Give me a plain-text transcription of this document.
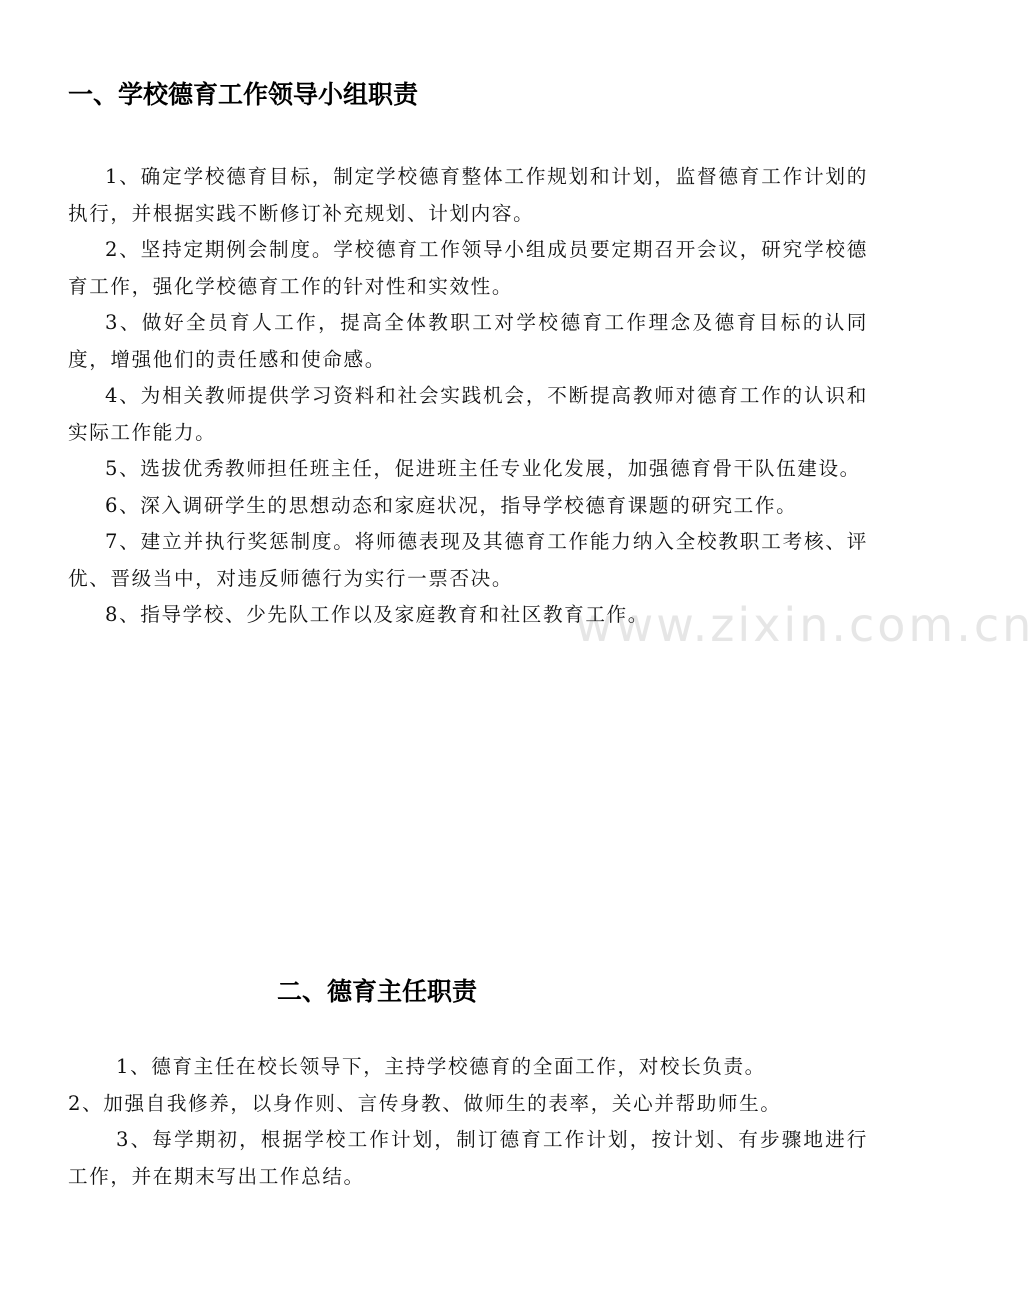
www.zixin.com.cn
一、学校德育工作领导小组职责

1、确定学校德育目标，制定学校德育整体工作规划和计划，监督德育工作计划的执行，并根据实践不断修订补充规划、计划内容。

2、坚持定期例会制度。学校德育工作领导小组成员要定期召开会议，研究学校德育工作，强化学校德育工作的针对性和实效性。

3、做好全员育人工作，提高全体教职工对学校德育工作理念及德育目标的认同度，增强他们的责任感和使命感。

4、为相关教师提供学习资料和社会实践机会，不断提高教师对德育工作的认识和实际工作能力。

5、选拔优秀教师担任班主任，促进班主任专业化发展，加强德育骨干队伍建设。

6、深入调研学生的思想动态和家庭状况，指导学校德育课题的研究工作。

7、建立并执行奖惩制度。将师德表现及其德育工作能力纳入全校教职工考核、评优、晋级当中，对违反师德行为实行一票否决。

8、指导学校、少先队工作以及家庭教育和社区教育工作。

二、德育主任职责

1、德育主任在校长领导下，主持学校德育的全面工作，对校长负责。

2、加强自我修养，以身作则、言传身教、做师生的表率，关心并帮助师生。

3、每学期初，根据学校工作计划，制订德育工作计划，按计划、有步骤地进行工作，并在期末写出工作总结。
